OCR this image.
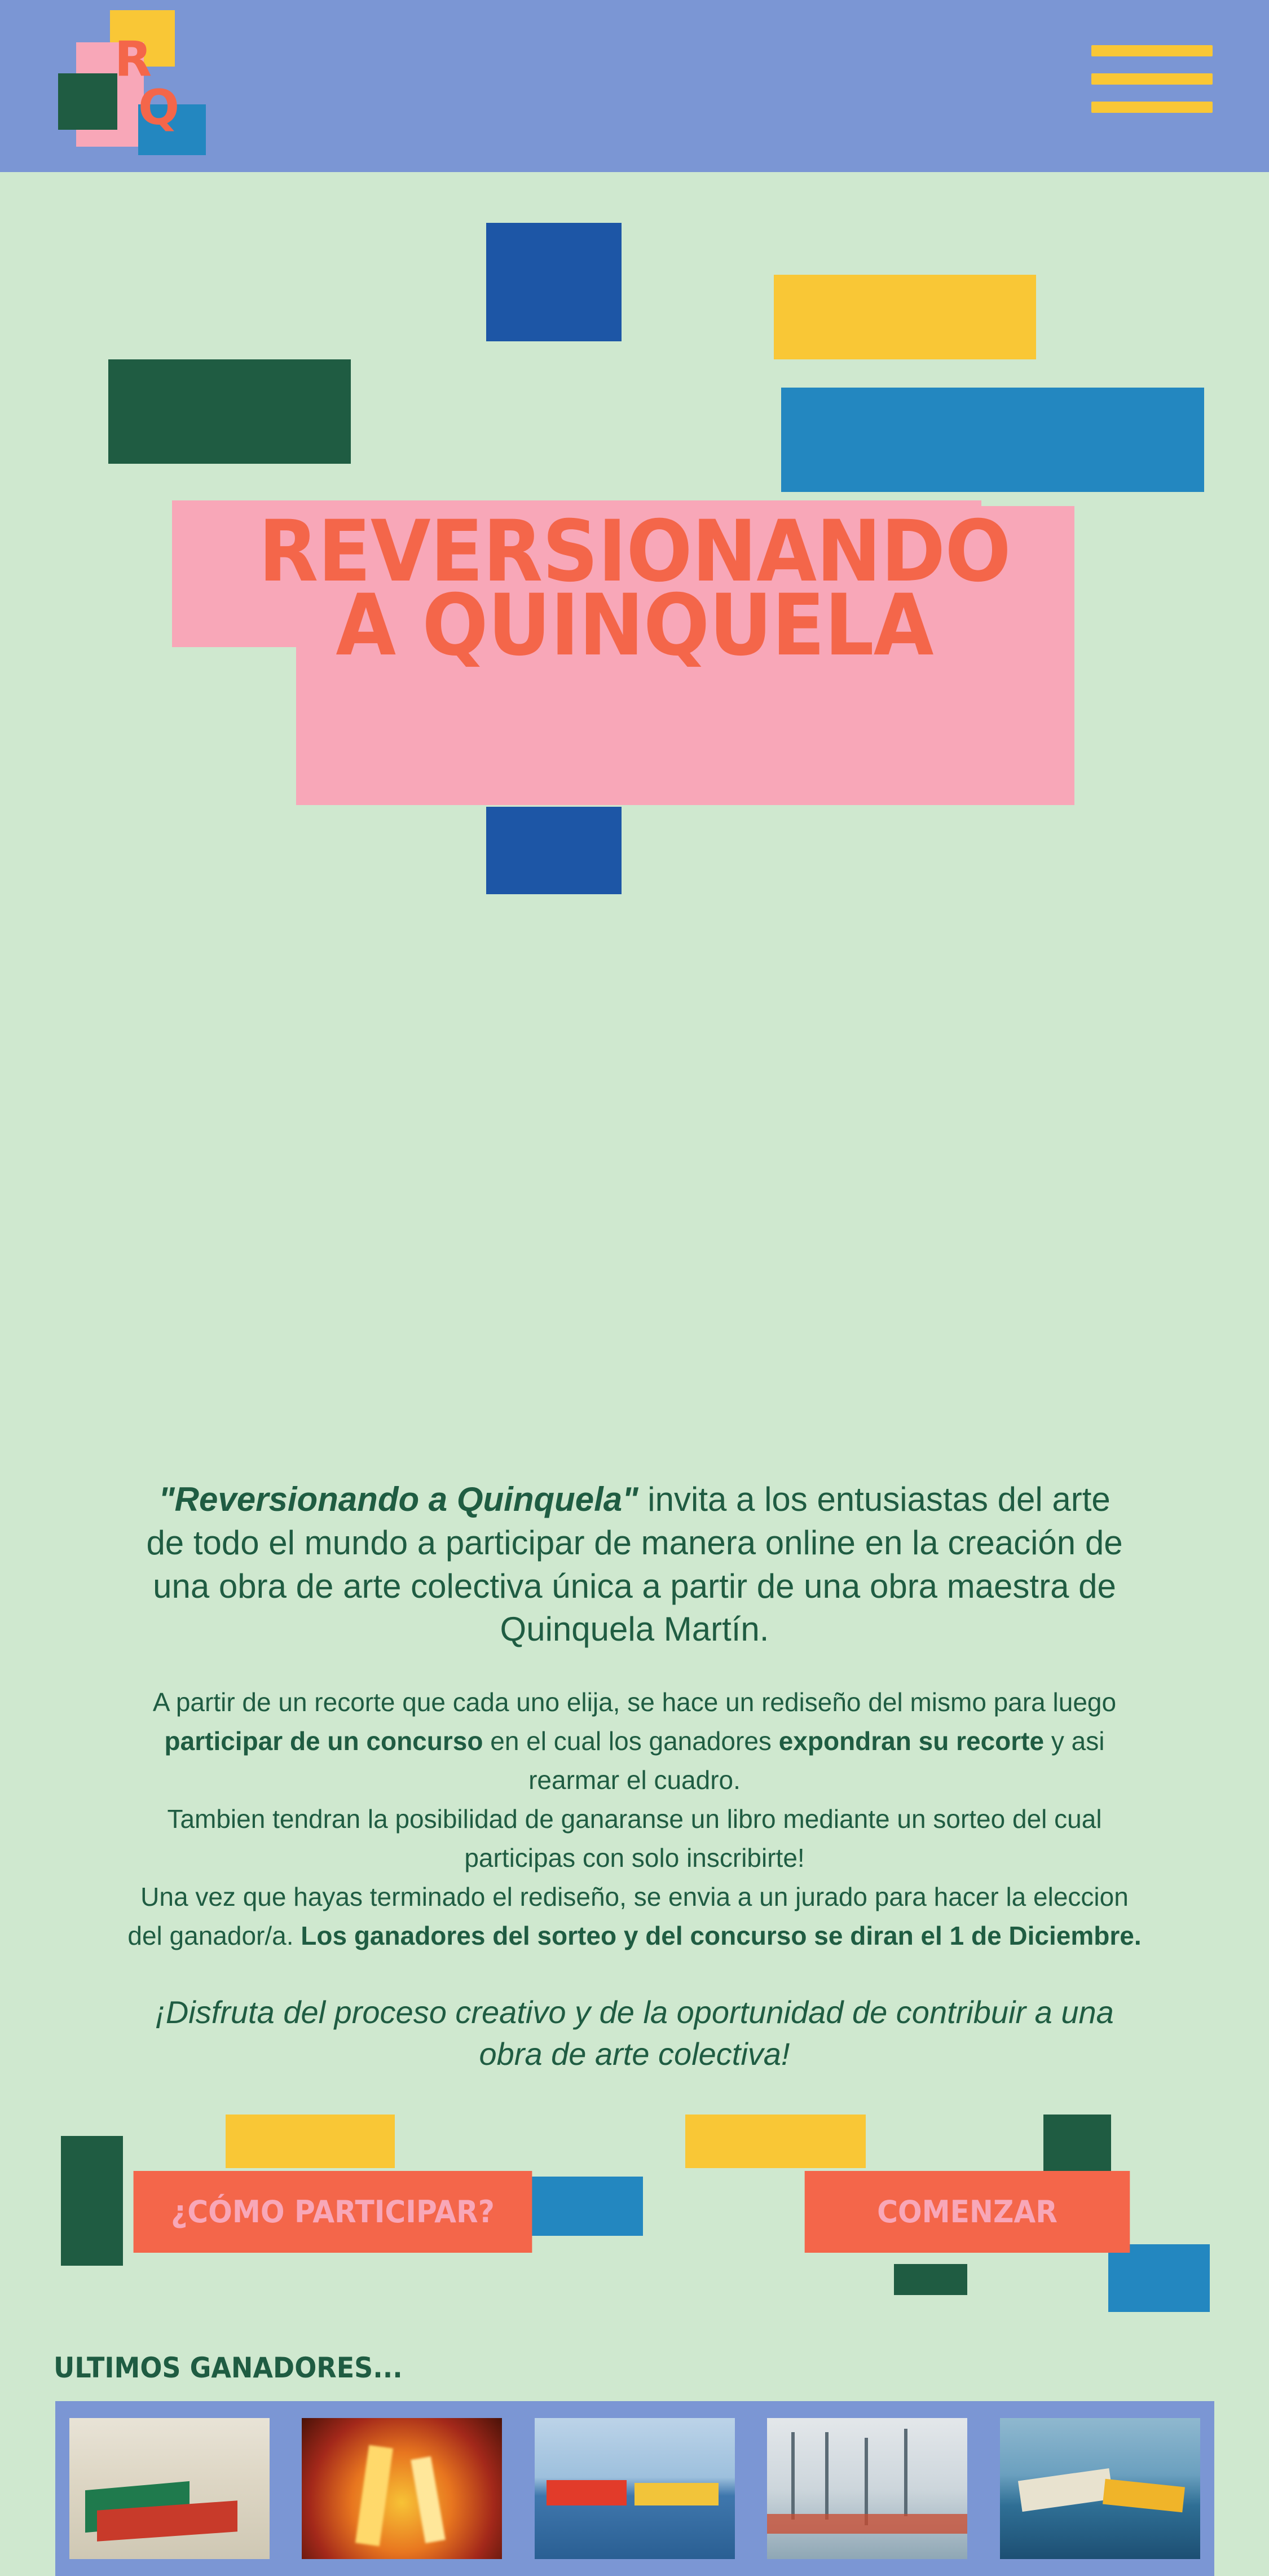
R
Q
REVERSIONANDO
A QUINQUELA

"Reversionando a Quinquela" invita a los entusiastas del arte de todo el mundo a participar de manera online en la creación de una obra de arte colectiva única a partir de una obra maestra de Quinquela Martín.

A partir de un recorte que cada uno elija, se hace un rediseño del mismo para luego participar de un concurso en el cual los ganadores expondran su recorte y asi rearmar el cuadro.

Tambien tendran la posibilidad de ganaranse un libro mediante un sorteo del cual participas con solo inscribirte!

Una vez que hayas terminado el rediseño, se envia a un jurado para hacer la eleccion del ganador/a. Los ganadores del sorteo y del concurso se diran el 1 de Diciembre.

¡Disfruta del proceso creativo y de la oportunidad de contribuir a una obra de arte colectiva!

¿CÓMO PARTICIPAR?	COMENZAR
ULTIMOS GANADORES...
